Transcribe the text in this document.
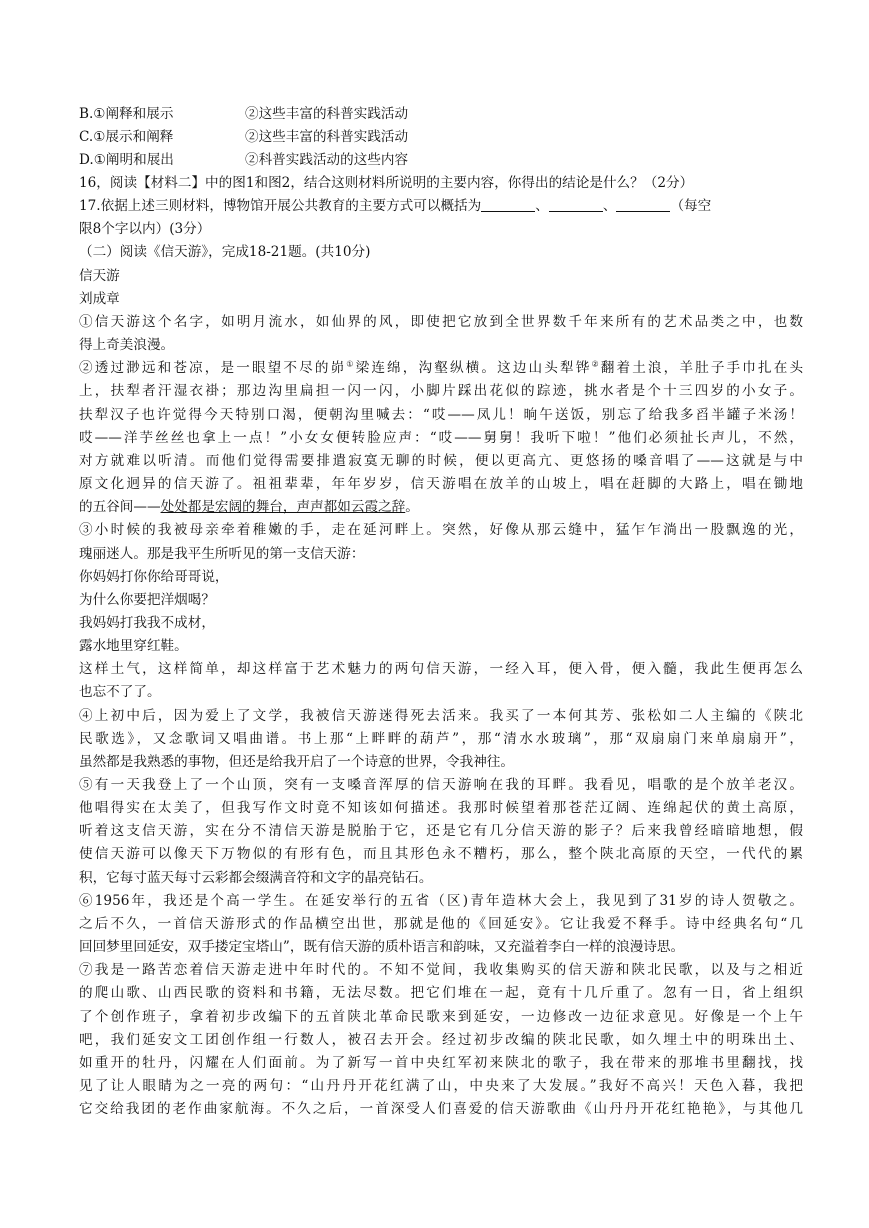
B.①阐释和展示	②这些丰富的科普实践活动
C.①展示和阐释	②这些丰富的科普实践活动
D.①阐明和展出	②科普实践活动的这些内容
16，阅读【材料二】中的图1和图2，结合这则材料所说明的主要内容，你得出的结论是什么？（2分）
17.依据上述三则材料，博物馆开展公共教育的主要方式可以概括为	、	、	（每空
限8个字以内）(3分）
（二）阅读《信天游》，完成18-21题。(共10分)
信天游
刘成章
①信天游这个名字，如明月流水，如仙界的风，即使把它放到全世界数千年来所有的艺术品类之中，也数
得上奇美浪漫。
②透过渺远和苍凉，是一眼望不尽的峁①梁连绵，沟壑纵横。这边山头犁铧②翻着土浪，羊肚子手巾扎在头
上，扶犁者汗湿衣褂；那边沟里扁担一闪一闪，小脚片踩出花似的踪迹，挑水者是个十三四岁的小女子。
扶犁汉子也许觉得今天特别口渴，便朝沟里喊去：“哎——凤儿！晌午送饭，别忘了给我多舀半罐子米汤！
哎——洋芋丝丝也拿上一点！”小女女便转脸应声：“哎——舅舅！我听下啦！”他们必须扯长声儿，不然，
对方就难以听清。而他们觉得需要排遣寂寞无聊的时候，便以更高亢、更悠扬的嗓音唱了——这就是与中
原文化迥异的信天游了。祖祖辈辈，年年岁岁，信天游唱在放羊的山坡上，唱在赶脚的大路上，唱在锄地
的五谷间——处处都是宏阔的舞台，声声都如云霞之辞。
③小时候的我被母亲牵着稚嫩的手，走在延河畔上。突然，好像从那云缝中，猛乍乍淌出一股飘逸的光，
瑰丽迷人。那是我平生所听见的第一支信天游：
你妈妈打你你给哥哥说，
为什么你要把洋烟喝？
我妈妈打我我不成材，
露水地里穿红鞋。
这样土气，这样简单，却这样富于艺术魅力的两句信天游，一经入耳，便入骨，便入髓，我此生便再怎么
也忘不了了。
④上初中后，因为爱上了文学，我被信天游迷得死去活来。我买了一本何其芳、张松如二人主编的《陕北
民歌选》，又念歌词又唱曲谱。书上那“上畔畔的葫芦”，那“清水水玻璃”，那“双扇扇门来单扇扇开”，
虽然都是我熟悉的事物，但还是给我开启了一个诗意的世界，令我神往。
⑤有一天我登上了一个山顶，突有一支嗓音浑厚的信天游响在我的耳畔。我看见，唱歌的是个放羊老汉。
他唱得实在太美了，但我写作文时竟不知该如何描述。我那时候望着那苍茫辽阔、连绵起伏的黄土高原，
听着这支信天游，实在分不清信天游是脱胎于它，还是它有几分信天游的影子？后来我曾经暗暗地想，假
使信天游可以像天下万物似的有形有色，而且其形色永不糟朽，那么，整个陕北高原的天空，一代代的累
积，它每寸蓝天每寸云彩都会缀满音符和文字的晶亮钻石。
⑥1956年，我还是个高一学生。在延安举行的五省（区)青年造林大会上，我见到了31岁的诗人贺敬之。
之后不久，一首信天游形式的作品横空出世，那就是他的《回延安》。它让我爱不释手。诗中经典名句“几
回回梦里回延安，双手搂定宝塔山”，既有信天游的质朴语言和韵味，又充溢着李白一样的浪漫诗思。
⑦我是一路苦恋着信天游走进中年时代的。不知不觉间，我收集购买的信天游和陕北民歌，以及与之相近
的爬山歌、山西民歌的资料和书籍，无法尽数。把它们堆在一起，竟有十几斤重了。忽有一日，省上组织
了个创作班子，拿着初步改编下的五首陕北革命民歌来到延安，一边修改一边征求意见。好像是一个上午
吧，我们延安文工团创作组一行数人，被召去开会。经过初步改编的陕北民歌，如久埋土中的明珠出土、
如重开的牡丹，闪耀在人们面前。为了新写一首中央红军初来陕北的歌子，我在带来的那堆书里翻找，找
见了让人眼睛为之一亮的两句：“山丹丹开花红满了山，中央来了大发展。”我好不高兴！天色入暮，我把
它交给我团的老作曲家航海。不久之后，一首深受人们喜爱的信天游歌曲《山丹丹开花红艳艳》，与其他几
